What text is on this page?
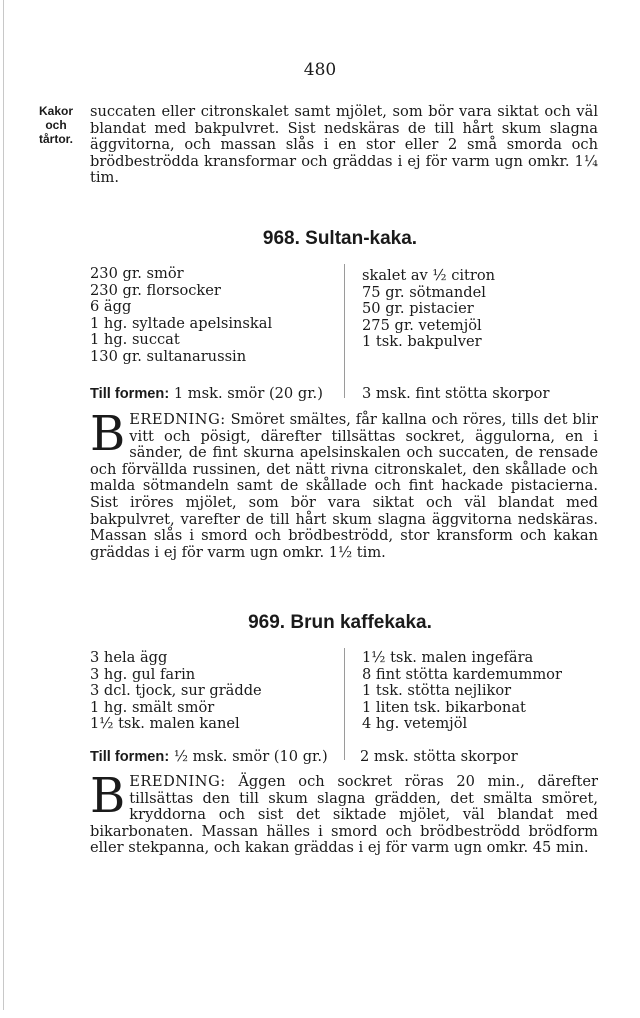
480
Kakor och tårtor.
succaten eller citronskalet samt mjölet, som bör vara siktat och väl blandat med bakpulvret. Sist nedskäras de till hårt skum slagna äggvitorna, och massan slås i en stor eller 2 små smorda och brödbeströdda kransformar och gräddas i ej för varm ugn omkr. 1¼ tim.
968. Sultan-kaka.
230 gr. smör
230 gr. florsocker
6 ägg
1 hg. syltade apelsinskal
1 hg. succat
130 gr. sultanarussin
skalet av ½ citron
75 gr. sötmandel
50 gr. pistacier
275 gr. vetemjöl
1 tsk. bakpulver
Till formen: 1 msk. smör (20 gr.)	3 msk. fint stötta skorpor
BEREDNING: Smöret smältes, får kallna och röres, tills det blir vitt och pösigt, därefter tillsättas sockret, äggulorna, en i sänder, de fint skurna apelsinskalen och succaten, de rensade och förvällda russinen, det nätt rivna citronskalet, den skållade och malda sötmandeln samt de skållade och fint hackade pistacierna. Sist iröres mjölet, som bör vara siktat och väl blandat med bakpulvret, varefter de till hårt skum slagna äggvitorna nedskäras. Massan slås i smord och brödbeströdd, stor kransform och kakan gräddas i ej för varm ugn omkr. 1½ tim.
969. Brun kaffekaka.
3 hela ägg
3 hg. gul farin
3 dcl. tjock, sur grädde
1 hg. smält smör
1½ tsk. malen kanel
1½ tsk. malen ingefära
8 fint stötta kardemummor
1 tsk. stötta nejlikor
1 liten tsk. bikarbonat
4 hg. vetemjöl
Till formen: ½ msk. smör (10 gr.) 2 msk. stötta skorpor
BEREDNING: Äggen och sockret röras 20 min., därefter tillsättas den till skum slagna grädden, det smälta smöret, kryddorna och sist det siktade mjölet, väl blandat med bikarbonaten. Massan hälles i smord och brödbeströdd brödform eller stekpanna, och kakan gräddas i ej för varm ugn omkr. 45 min.
